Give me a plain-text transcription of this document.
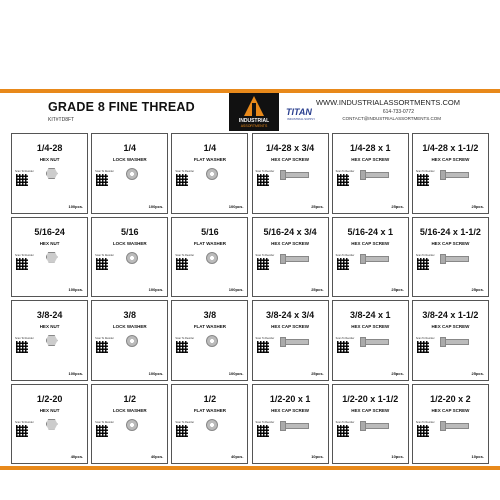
GRADE 8 FINE THREAD
KIT#TD8FT	INDUSTRIAL
ASSORTMENTS
TITAN
INDUSTRIAL SUPPLY
WWW.INDUSTRIALASSORTMENTS.COM
614-733-0772
CONTACT@INDUSTRIALASSORTMENTS.COM
1/4-28
HEX NUT
Scan To Reorder
100pcs.
1/4
LOCK WASHER
Scan To Reorder
100pcs.
1/4
FLAT WASHER
Scan To Reorder
100pcs.
1/4-28 x 3/4
HEX CAP SCREW
Scan To Reorder
25pcs.
1/4-28 x 1
HEX CAP SCREW
Scan To Reorder
25pcs.
1/4-28 x 1-1/2
HEX CAP SCREW
Scan To Reorder
25pcs.
5/16-24
HEX NUT
Scan To Reorder
100pcs.
5/16
LOCK WASHER
Scan To Reorder
100pcs.
5/16
FLAT WASHER
Scan To Reorder
100pcs.
5/16-24 x 3/4
HEX CAP SCREW
Scan To Reorder
25pcs.
5/16-24 x 1
HEX CAP SCREW
Scan To Reorder
25pcs.
5/16-24 x 1-1/2
HEX CAP SCREW
Scan To Reorder
25pcs.
3/8-24
HEX NUT
Scan To Reorder
100pcs.
3/8
LOCK WASHER
Scan To Reorder
100pcs.
3/8
FLAT WASHER
Scan To Reorder
100pcs.
3/8-24 x 3/4
HEX CAP SCREW
Scan To Reorder
25pcs.
3/8-24 x 1
HEX CAP SCREW
Scan To Reorder
25pcs.
3/8-24 x 1-1/2
HEX CAP SCREW
Scan To Reorder
25pcs.
1/2-20
HEX NUT
Scan To Reorder
40pcs.
1/2
LOCK WASHER
Scan To Reorder
40pcs.
1/2
FLAT WASHER
Scan To Reorder
40pcs.
1/2-20 x 1
HEX CAP SCREW
Scan To Reorder
10pcs.
1/2-20 x 1-1/2
HEX CAP SCREW
Scan To Reorder
10pcs.
1/2-20 x 2
HEX CAP SCREW
Scan To Reorder
10pcs.
